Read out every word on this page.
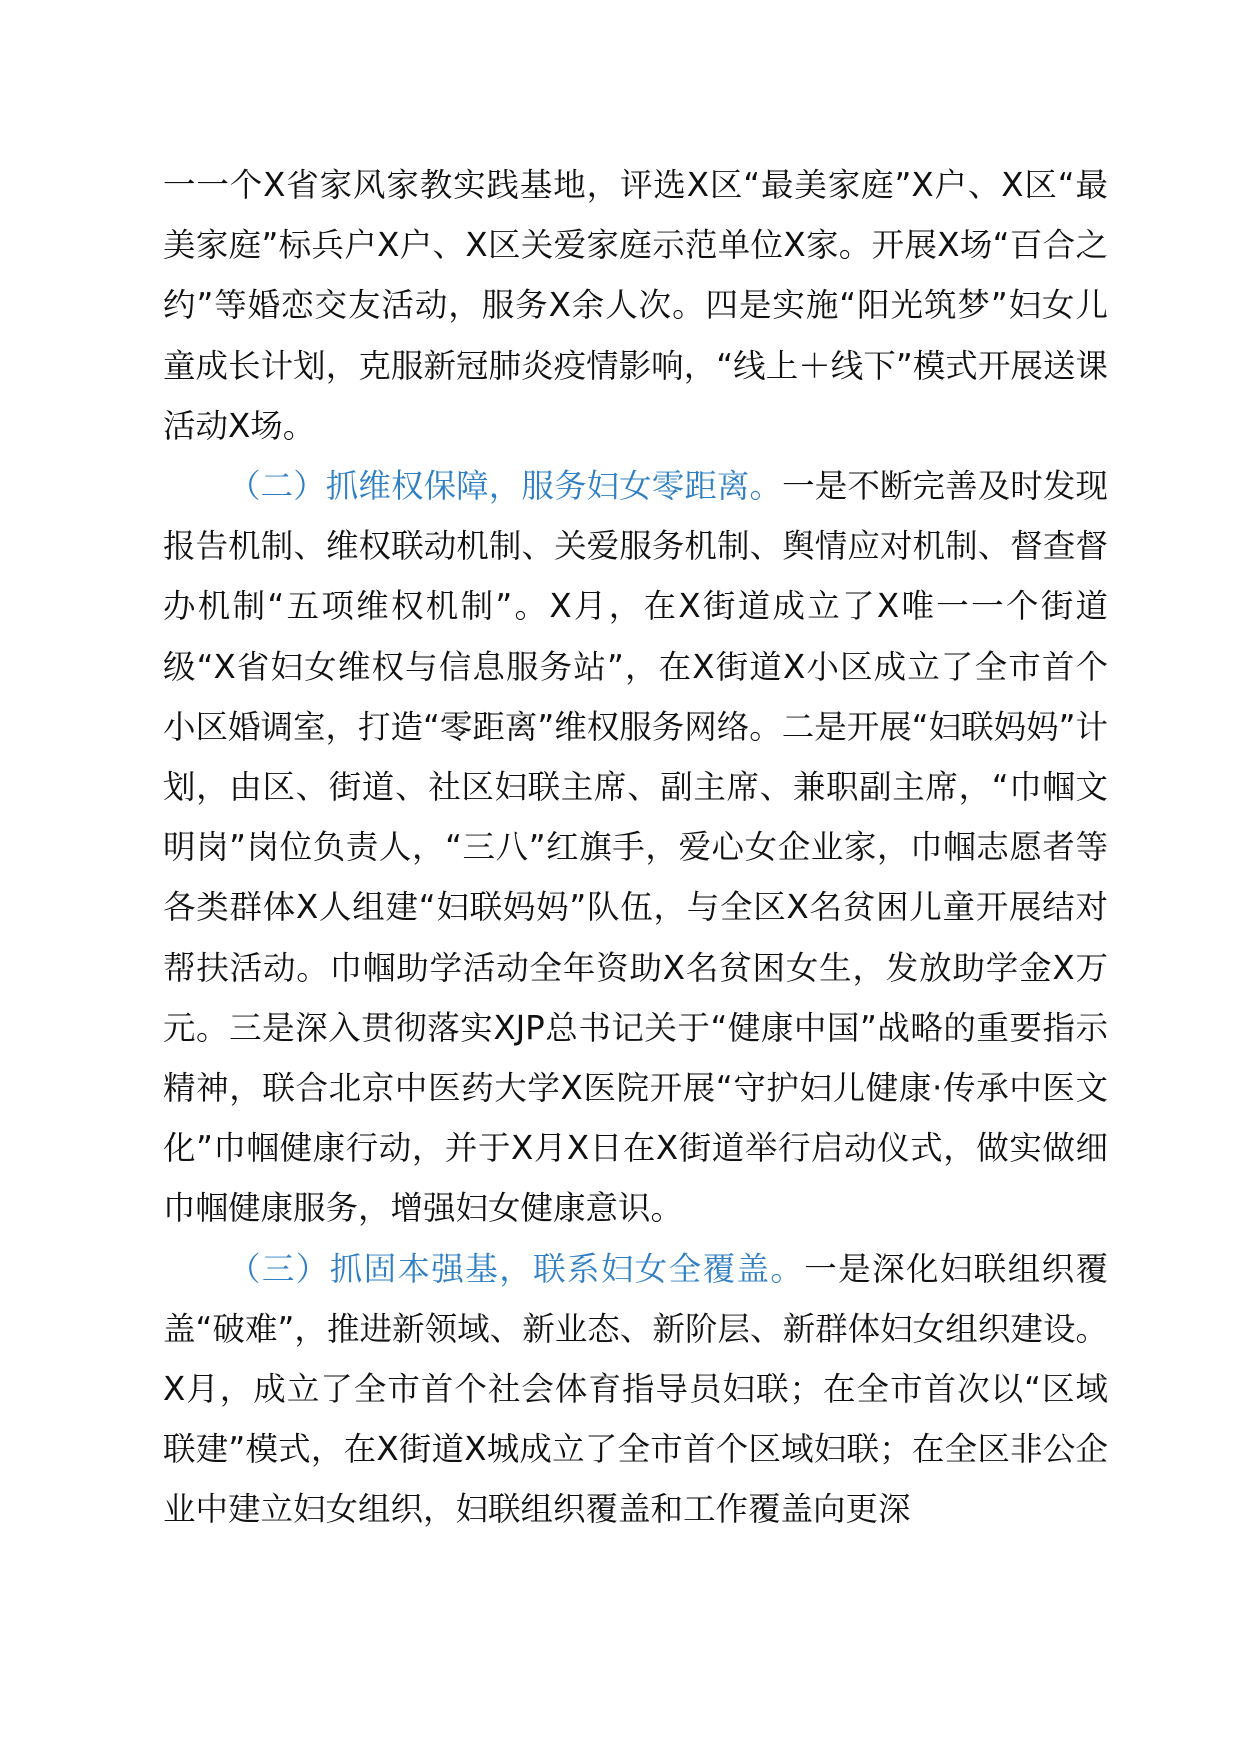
一一个X省家风家教实践基地，评选X区“最美家庭”X户、X区“最美家庭”标兵户X户、X区关爱家庭示范单位X家。开展X场“百合之约”等婚恋交友活动，服务X余人次。四是实施“阳光筑梦”妇女儿童成长计划，克服新冠肺炎疫情影响，“线上＋线下”模式开展送课活动X场。

（二）抓维权保障，服务妇女零距离。一是不断完善及时发现报告机制、维权联动机制、关爱服务机制、舆情应对机制、督查督办机制“五项维权机制”。X月，在X街道成立了X唯一一个街道级“X省妇女维权与信息服务站”，在X街道X小区成立了全市首个小区婚调室，打造“零距离”维权服务网络。二是开展“妇联妈妈”计划，由区、街道、社区妇联主席、副主席、兼职副主席，“巾帼文明岗”岗位负责人，“三八”红旗手，爱心女企业家，巾帼志愿者等各类群体X人组建“妇联妈妈”队伍，与全区X名贫困儿童开展结对帮扶活动。巾帼助学活动全年资助X名贫困女生，发放助学金X万元。三是深入贯彻落实XJP总书记关于“健康中国”战略的重要指示精神，联合北京中医药大学X医院开展“守护妇儿健康·传承中医文化”巾帼健康行动，并于X月X日在X街道举行启动仪式，做实做细巾帼健康服务，增强妇女健康意识。

（三）抓固本强基，联系妇女全覆盖。一是深化妇联组织覆盖“破难”，推进新领域、新业态、新阶层、新群体妇女组织建设。X月，成立了全市首个社会体育指导员妇联；在全市首次以“区域联建”模式，在X街道X城成立了全市首个区域妇联；在全区非公企业中建立妇女组织，妇联组织覆盖和工作覆盖向更深
